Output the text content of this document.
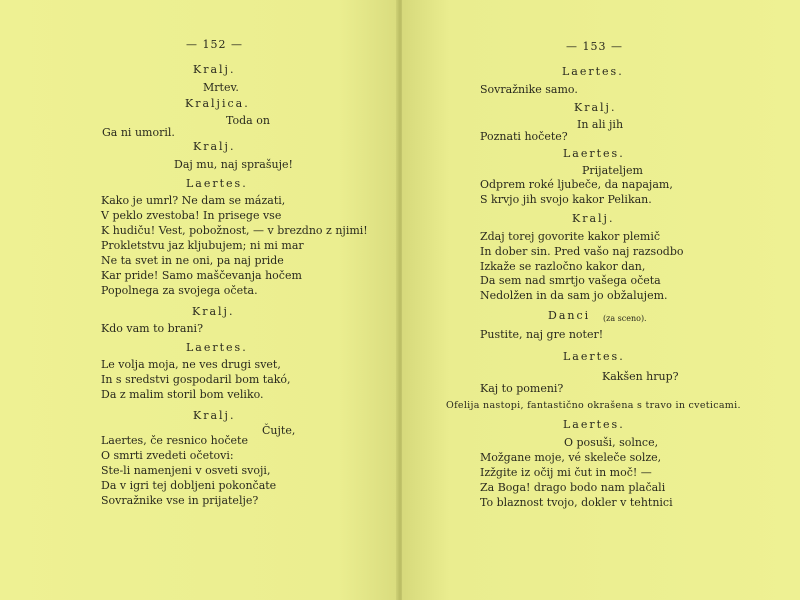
— 152 —
Kralj.
Mrtev.
Kraljica.
Toda on
Ga ni umoril.
Kralj.
Daj mu, naj sprašuje!
Laertes.
Kako je umrl? Ne dam se mázati,
V peklo zvestoba! In prisege vse
K hudiču! Vest, pobožnost, — v brezdno z njimi!
Prokletstvu jaz kljubujem; ni mi mar
Ne ta svet in ne oni, pa naj pride
Kar pride! Samo maščevanja hočem
Popolnega za svojega očeta.
Kralj.
Kdo vam to brani?
Laertes.
Le volja moja, ne ves drugi svet,
In s sredstvi gospodaril bom takó,
Da z malim storil bom veliko.
Kralj.
Čujte,
Laertes, če resnico hočete
O smrti zvedeti očetovi:
Ste-li namenjeni v osveti svoji,
Da v igri tej dobljeni pokončate
Sovražnike vse in prijatelje?
— 153 —
Laertes.
Sovražnike samo.
Kralj.
In ali jih
Poznati hočete?
Laertes.
Prijateljem
Odprem roké ljubeče, da napajam,
S krvjo jih svojo kakor Pelikan.
Kralj.
Zdaj torej govorite kakor plemič
In dober sin. Pred vašo naj razsodbo
Izkaže se razločno kakor dan,
Da sem nad smrtjo vašega očeta
Nedolžen in da sam jo obžalujem.
Danci (za sceno).
Pustite, naj gre noter!
Laertes.
Kakšen hrup?
Kaj to pomeni?
Ofelija nastopi, fantastično okrašena s travo in cveticami.
Laertes.
O posuši, solnce,
Možgane moje, vé skeleče solze,
Izžgite iz očij mi čut in moč! —
Za Boga! drago bodo nam plačali
To blaznost tvojo, dokler v tehtnici
